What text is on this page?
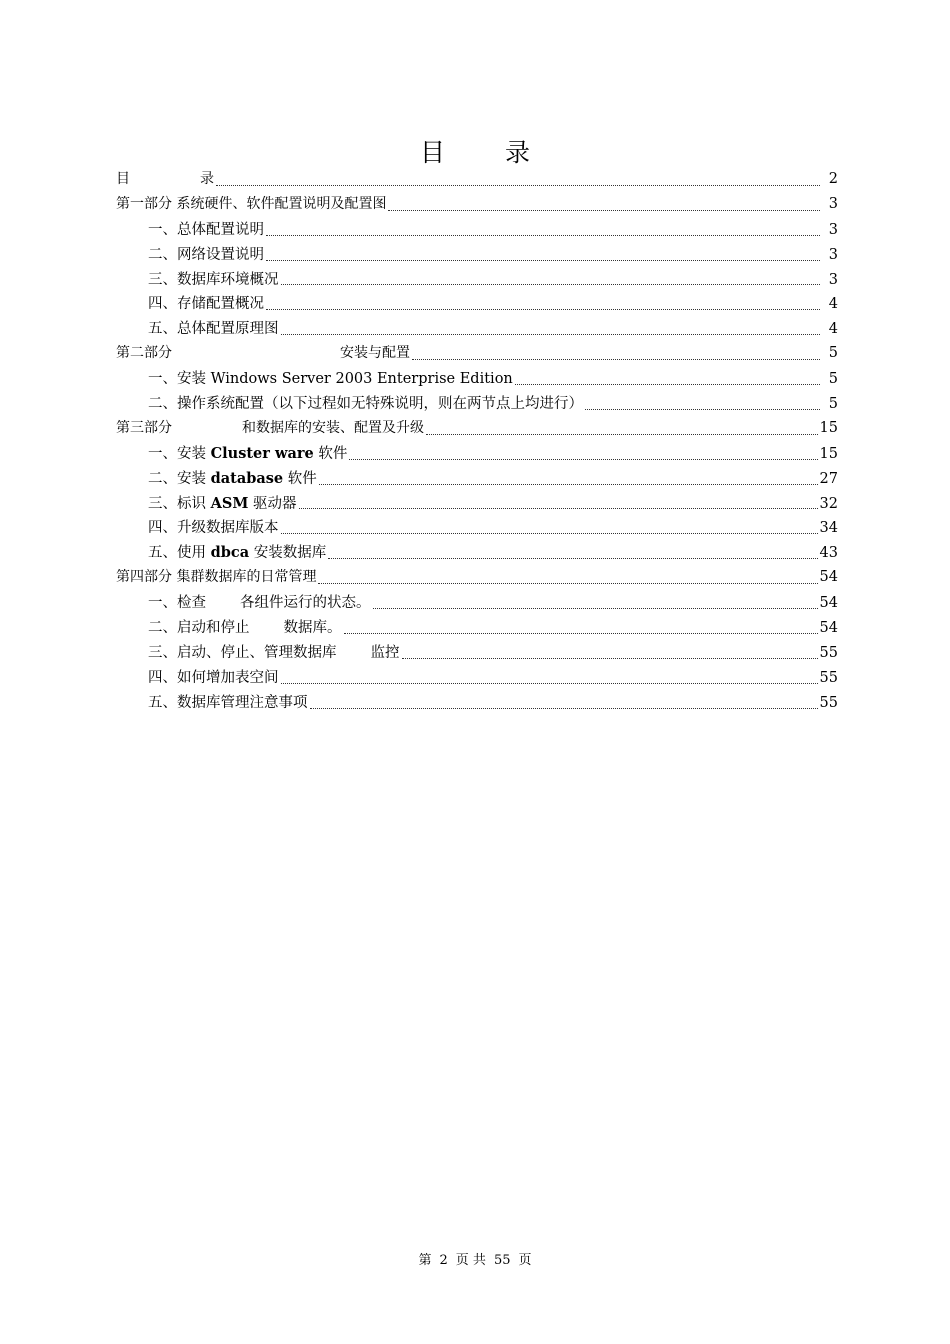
目 录
目	录	2
第一部分 系统硬件、软件配置说明及配置图	3
一、总体配置说明	3
二、网络设置说明	3
三、数据库环境概况	3
四、存储配置概况	4
五、总体配置原理图	4
第二部分	安装与配置	5
一、安装 Windows Server 2003 Enterprise Edition	5
二、操作系统配置（以下过程如无特殊说明，则在两节点上均进行）	5
第三部分	和数据库的安装、配置及升级	15
一、安装 Cluster ware 软件	15
二、安装 database 软件	27
三、标识 ASM 驱动器	32
四、升级数据库版本	34
五、使用 dbca 安装数据库	43
第四部分 集群数据库的日常管理	54
一、检查 各组件运行的状态。	54
二、启动和停止 数据库。	54
三、启动、停止、管理数据库 监控	55
四、如何增加表空间	55
五、数据库管理注意事项	55
第 2 页 共 55 页
